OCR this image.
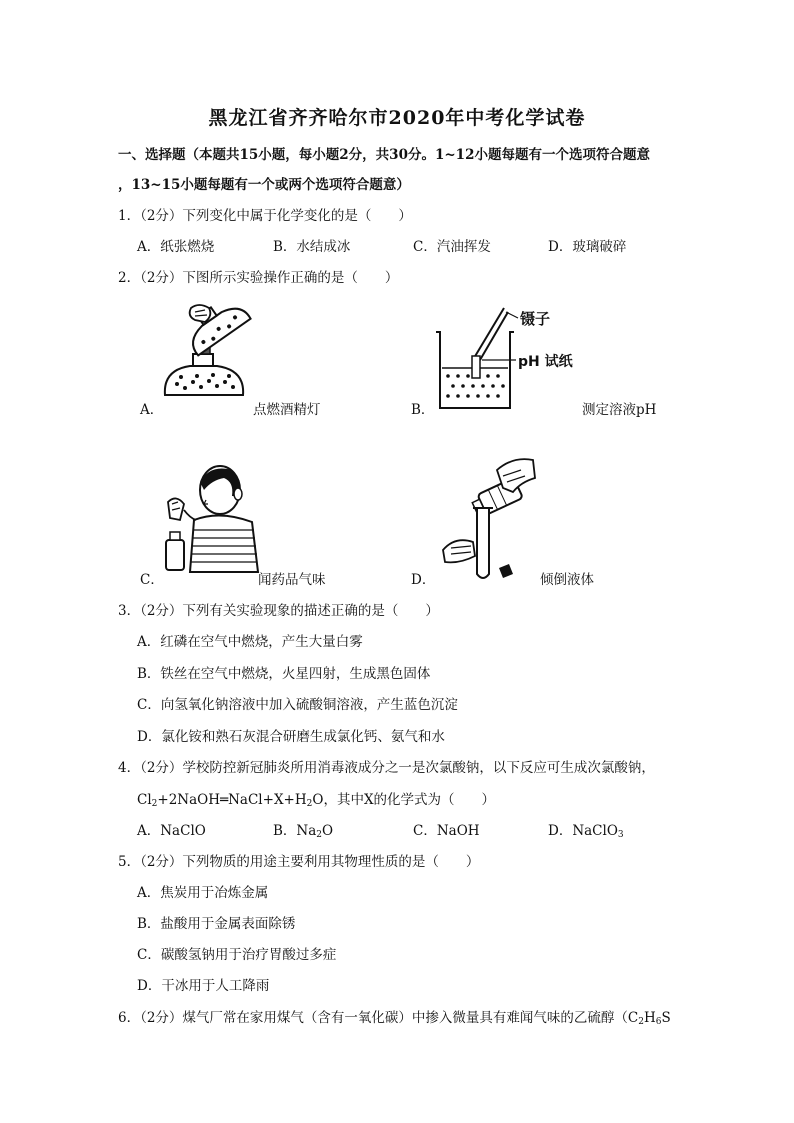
黑龙江省齐齐哈尔市2020年中考化学试卷
一、选择题（本题共15小题，每小题2分，共30分。1~12小题每题有一个选项符合题意
，13~15小题每题有一个或两个选项符合题意）
1．（2分）下列变化中属于化学变化的是（　　）
A．纸张燃烧	B．水结成冰	C．汽油挥发	D．玻璃破碎
2．（2分）下图所示实验操作正确的是（　　）
A．	点燃酒精灯
镊子
pH 试纸
B．	测定溶液pH
C．	闻药品气味	D．	倾倒液体
3．（2分）下列有关实验现象的描述正确的是（　　）
A．红磷在空气中燃烧，产生大量白雾
B．铁丝在空气中燃烧，火星四射，生成黑色固体
C．向氢氧化钠溶液中加入硫酸铜溶液，产生蓝色沉淀
D．氯化铵和熟石灰混合研磨生成氯化钙、氨气和水
4．（2分）学校防控新冠肺炎所用消毒液成分之一是次氯酸钠，以下反应可生成次氯酸钠，
$Cl_2+2NaOH═NaCl+X+H_2O$，其中X的化学式为（　　）
A．NaClO	B．$Na_2O$	C．NaOH	D．NaClO$_3$
5．（2分）下列物质的用途主要利用其物理性质的是（　　）
A．焦炭用于冶炼金属
B．盐酸用于金属表面除锈
C．碳酸氢钠用于治疗胃酸过多症
D．干冰用于人工降雨
6．（2分）煤气厂常在家用煤气（含有一氧化碳）中掺入微量具有难闻气味的乙硫醇（$C_2H_6S$
